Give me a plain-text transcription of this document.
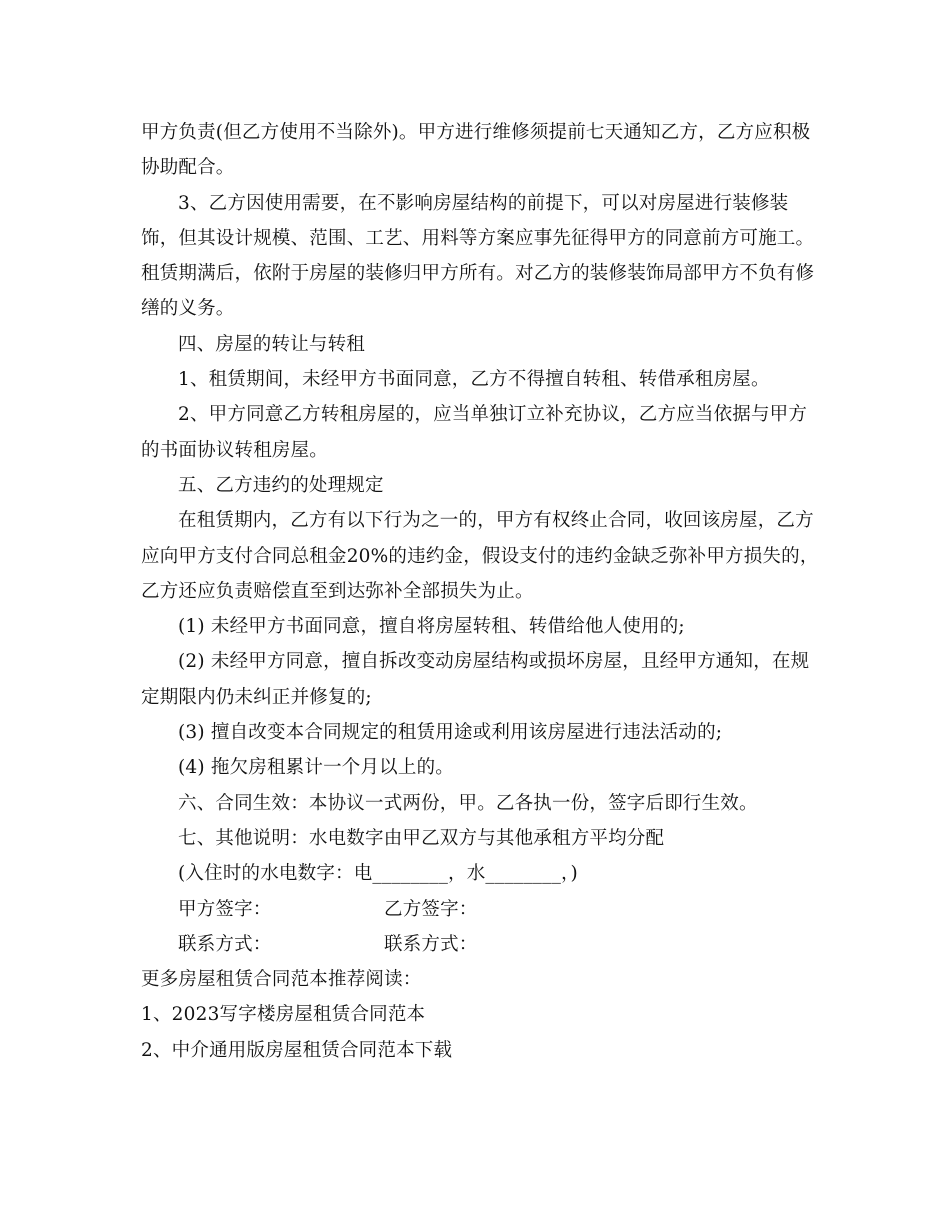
甲方负责(但乙方使用不当除外)。甲方进行维修须提前七天通知乙方，乙方应积极

协助配合。

3、乙方因使用需要，在不影响房屋结构的前提下，可以对房屋进行装修装

饰，但其设计规模、范围、工艺、用料等方案应事先征得甲方的同意前方可施工。

租赁期满后，依附于房屋的装修归甲方所有。对乙方的装修装饰局部甲方不负有修

缮的义务。

四、房屋的转让与转租

1、租赁期间，未经甲方书面同意，乙方不得擅自转租、转借承租房屋。

2、甲方同意乙方转租房屋的，应当单独订立补充协议，乙方应当依据与甲方

的书面协议转租房屋。

五、乙方违约的处理规定

在租赁期内，乙方有以下行为之一的，甲方有权终止合同，收回该房屋，乙方

应向甲方支付合同总租金20%的违约金，假设支付的违约金缺乏弥补甲方损失的，

乙方还应负责赔偿直至到达弥补全部损失为止。

(1) 未经甲方书面同意，擅自将房屋转租、转借给他人使用的;

(2) 未经甲方同意，擅自拆改变动房屋结构或损坏房屋，且经甲方通知，在规

定期限内仍未纠正并修复的;

(3) 擅自改变本合同规定的租赁用途或利用该房屋进行违法活动的;

(4) 拖欠房租累计一个月以上的。

六、合同生效：本协议一式两份，甲。乙各执一份，签字后即行生效。

七、其他说明：水电数字由甲乙双方与其他承租方平均分配

(入住时的水电数字：电________，水________，)

甲方签字：	乙方签字：
联系方式：	联系方式：

更多房屋租赁合同范本推荐阅读：

1、2023写字楼房屋租赁合同范本

2、中介通用版房屋租赁合同范本下载
